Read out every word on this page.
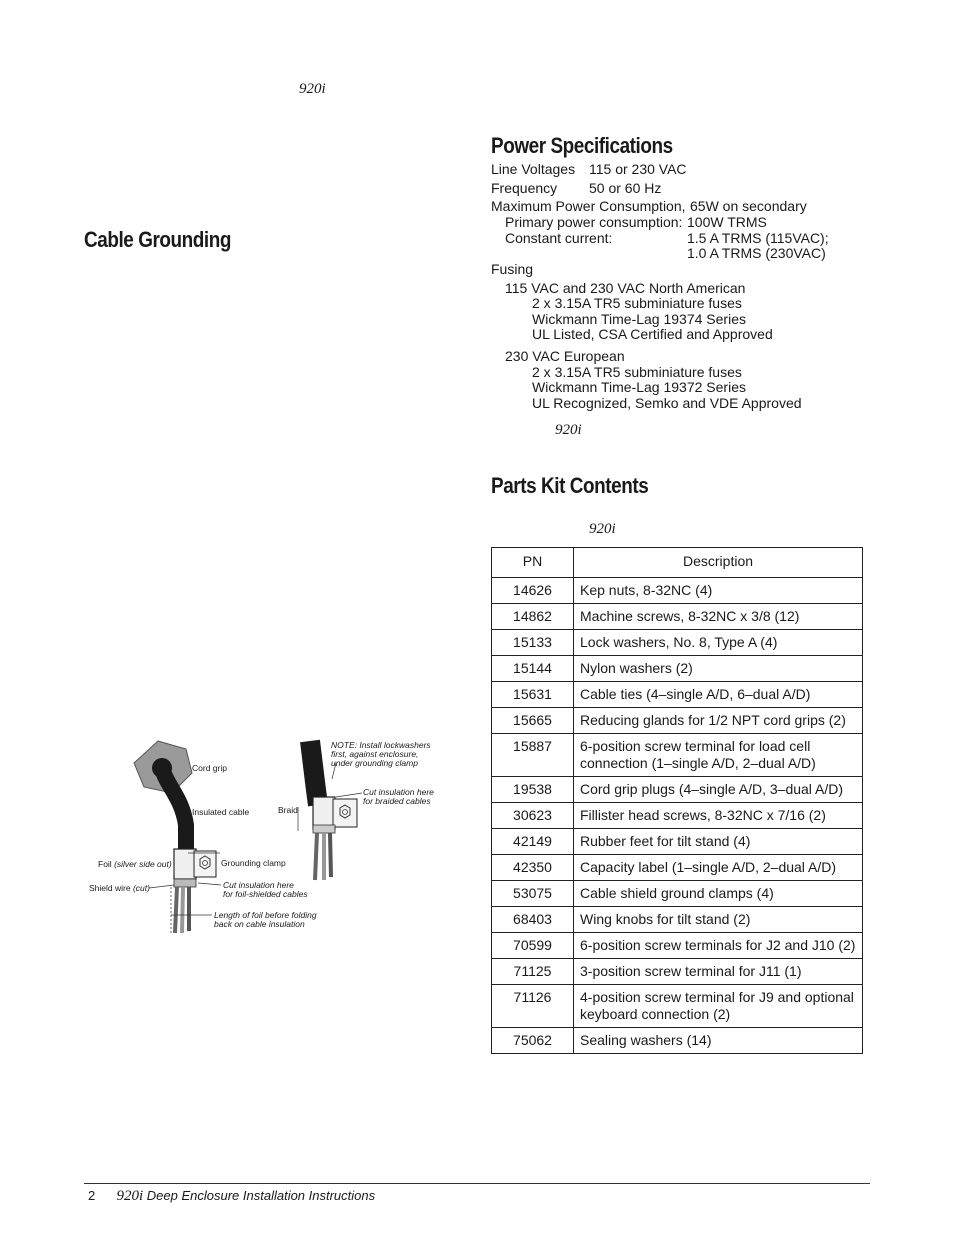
920i
Cable Grounding
Cord grip
Insulated cable
Foil (silver side out)
Shield wire (cut)
Grounding clamp
Cut insulation here
for foil-shielded cables
Length of foil before folding
back on cable insulation
Braid
NOTE: Install lockwashers
first, against enclosure,
under grounding clamp
Cut insulation here
for braided cables
Power Specifications
Line Voltages 115 or 230 VAC
Frequency 50 or 60 Hz
Maximum Power Consumption, 65W on secondary
Primary power consumption: 100W TRMS
Constant current:	1.5 A TRMS (115VAC);
1.0 A TRMS (230VAC)
Fusing
115 VAC and 230 VAC North American
2 x 3.15A TR5 subminiature fuses
Wickmann Time-Lag 19374 Series
UL Listed, CSA Certified and Approved
230 VAC European
2 x 3.15A TR5 subminiature fuses
Wickmann Time-Lag 19372 Series
UL Recognized, Semko and VDE Approved
920i
Parts Kit Contents
920i
PN	Description
14626	Kep nuts, 8-32NC (4)
14862	Machine screws, 8-32NC x 3/8 (12)
15133	Lock washers, No. 8, Type A (4)
15144	Nylon washers (2)
15631	Cable ties (4–single A/D, 6–dual A/D)
15665	Reducing glands for 1/2 NPT cord grips (2)
15887	6-position screw terminal for load cell connection (1–single A/D, 2–dual A/D)
19538	Cord grip plugs (4–single A/D, 3–dual A/D)
30623	Fillister head screws, 8-32NC x 7/16 (2)
42149	Rubber feet for tilt stand (4)
42350	Capacity label (1–single A/D, 2–dual A/D)
53075	Cable shield ground clamps (4)
68403	Wing knobs for tilt stand (2)
70599	6-position screw terminals for J2 and J10 (2)
71125	3-position screw terminal for J11 (1)
71126	4-position screw terminal for J9 and optional keyboard connection (2)
75062	Sealing washers (14)
2 920i Deep Enclosure Installation Instructions
